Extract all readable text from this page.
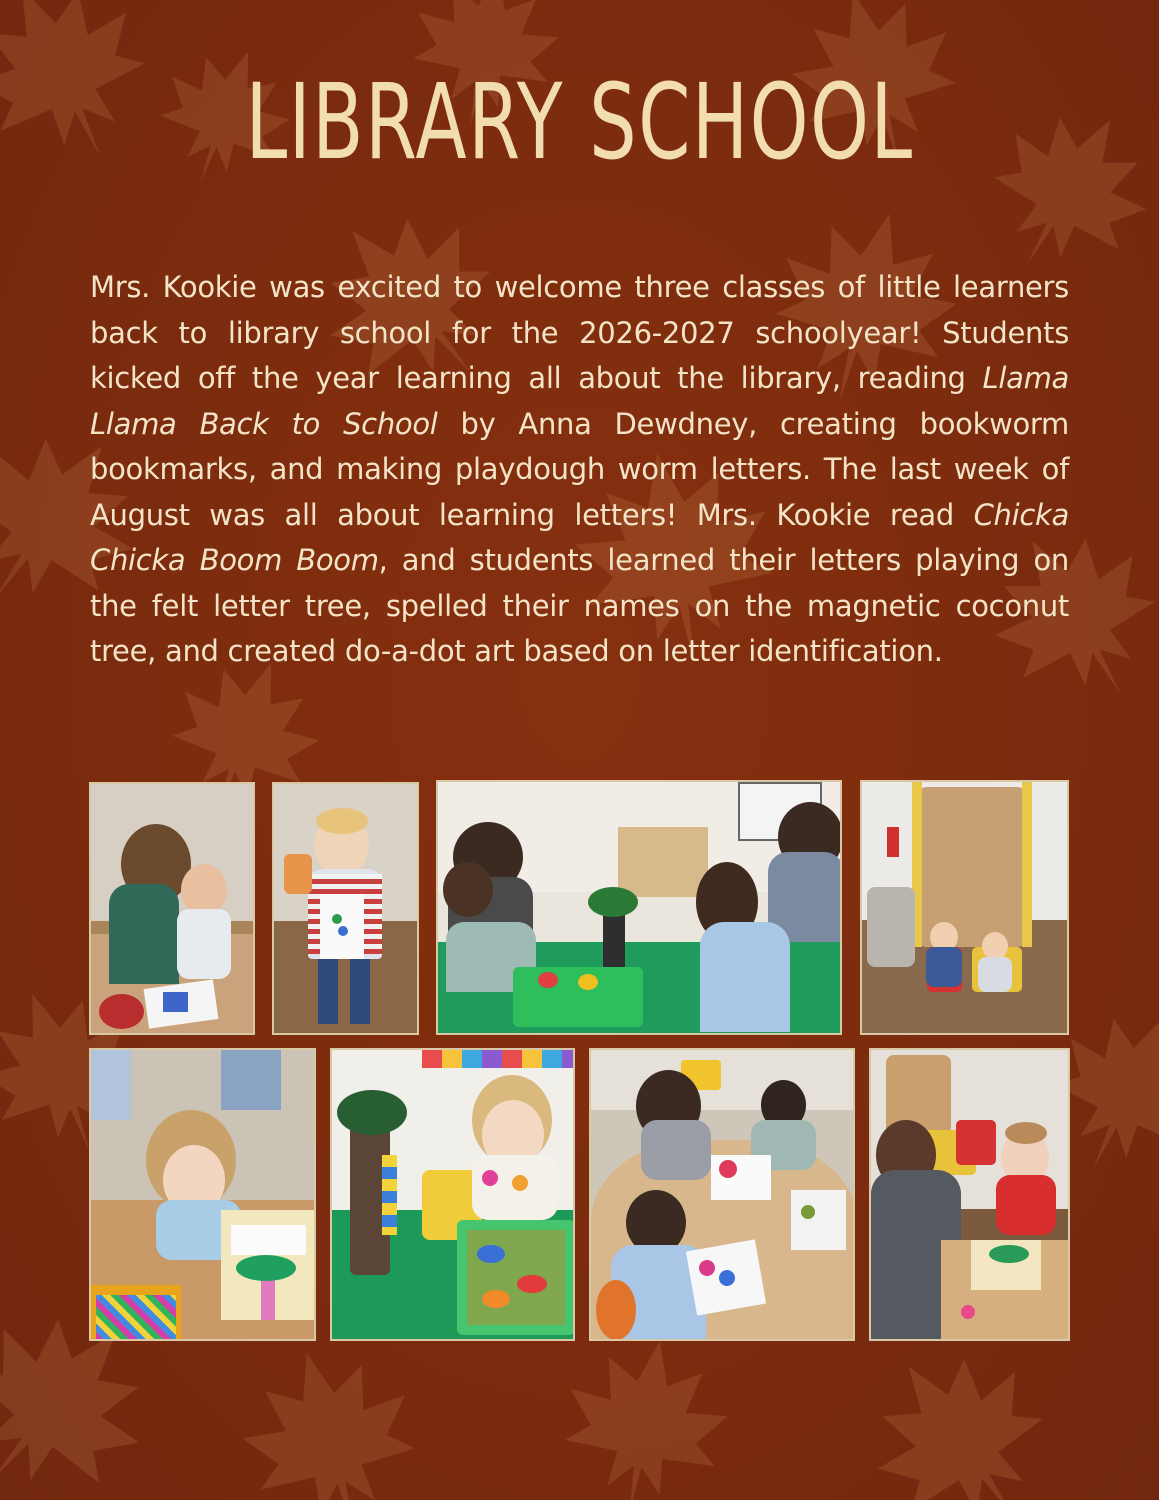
LIBRARY SCHOOL

Mrs. Kookie was excited to welcome three classes of little learners back to library school for the 2026-2027 schoolyear! Students kicked off the year learning all about the library, reading Llama Llama Back to School by Anna Dewdney, creating bookworm bookmarks, and making playdough worm letters. The last week of August was all about learning letters! Mrs. Kookie read Chicka Chicka Boom Boom, and students learned their letters playing on the felt letter tree, spelled their names on the magnetic coconut tree, and created do-a-dot art based on letter identification.
